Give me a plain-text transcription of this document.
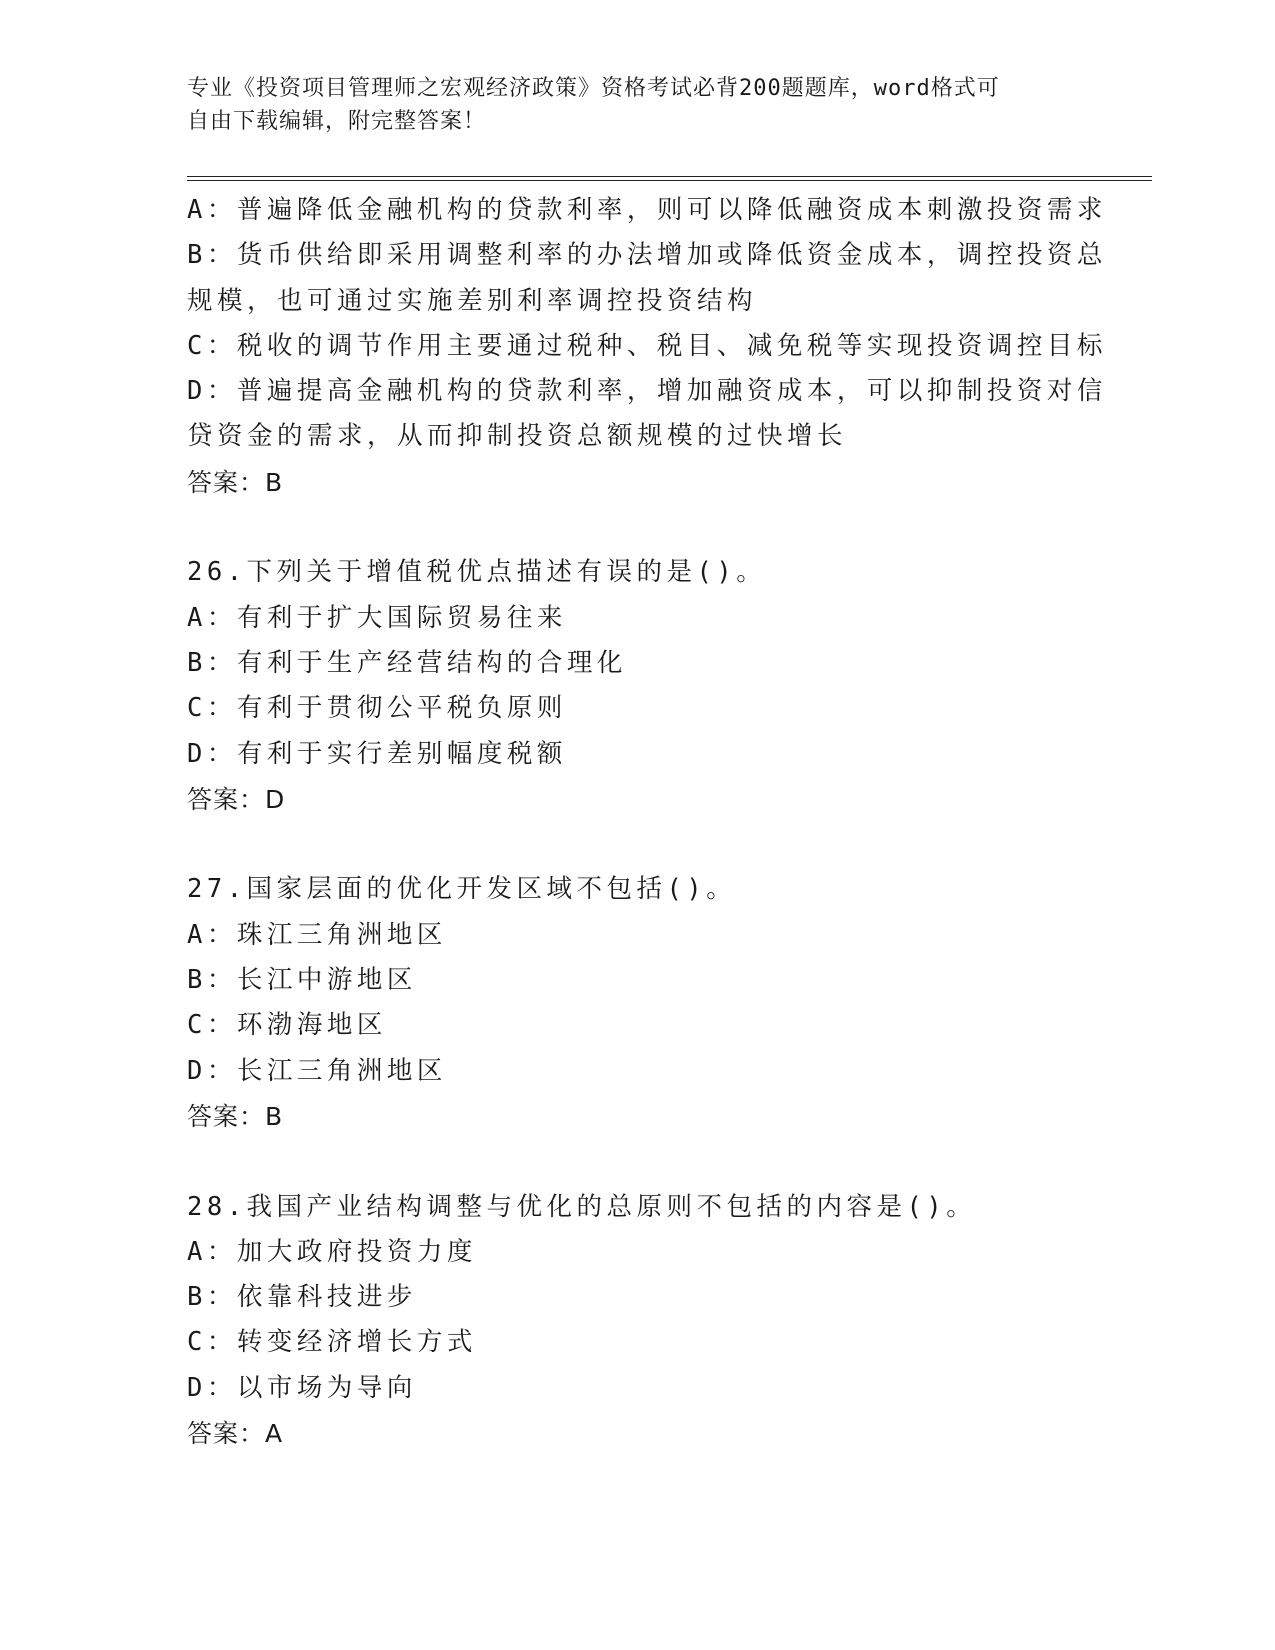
专业《投资项目管理师之宏观经济政策》资格考试必背200题题库，word格式可
自由下载编辑，附完整答案！
A：普遍降低金融机构的贷款利率，则可以降低融资成本刺激投资需求
B：货币供给即采用调整利率的办法增加或降低资金成本，调控投资总
规模，也可通过实施差别利率调控投资结构
C：税收的调节作用主要通过税种、税目、减免税等实现投资调控目标
D：普遍提高金融机构的贷款利率，增加融资成本，可以抑制投资对信
贷资金的需求，从而抑制投资总额规模的过快增长
答案：B
26.下列关于增值税优点描述有误的是()。
A：有利于扩大国际贸易往来
B：有利于生产经营结构的合理化
C：有利于贯彻公平税负原则
D：有利于实行差别幅度税额
答案：D
27.国家层面的优化开发区域不包括()。
A：珠江三角洲地区
B：长江中游地区
C：环渤海地区
D：长江三角洲地区
答案：B
28.我国产业结构调整与优化的总原则不包括的内容是()。
A：加大政府投资力度
B：依靠科技进步
C：转变经济增长方式
D：以市场为导向
答案：A
